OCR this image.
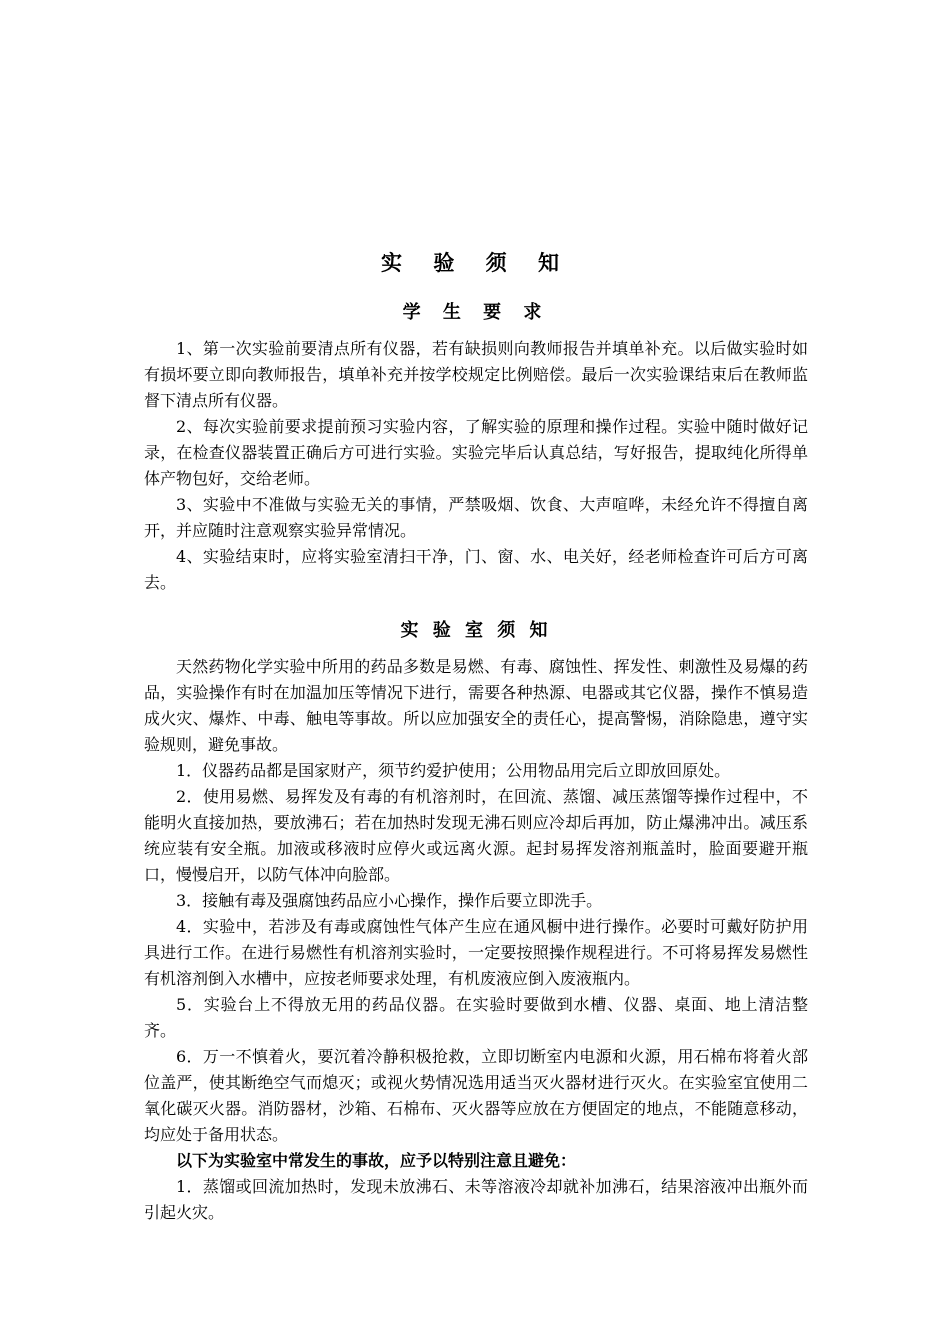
实 验 须 知
学 生 要 求

1、第一次实验前要清点所有仪器，若有缺损则向教师报告并填单补充。以后做实验时如有损坏要立即向教师报告，填单补充并按学校规定比例赔偿。最后一次实验课结束后在教师监督下清点所有仪器。

2、每次实验前要求提前预习实验内容，了解实验的原理和操作过程。实验中随时做好记录，在检查仪器装置正确后方可进行实验。实验完毕后认真总结，写好报告，提取纯化所得单体产物包好，交给老师。

3、实验中不准做与实验无关的事情，严禁吸烟、饮食、大声喧哗，未经允许不得擅自离开，并应随时注意观察实验异常情况。

4、实验结束时，应将实验室清扫干净，门、窗、水、电关好，经老师检查许可后方可离去。

实 验 室 须 知

天然药物化学实验中所用的药品多数是易燃、有毒、腐蚀性、挥发性、刺激性及易爆的药品，实验操作有时在加温加压等情况下进行，需要各种热源、电器或其它仪器，操作不慎易造成火灾、爆炸、中毒、触电等事故。所以应加强安全的责任心，提高警惕，消除隐患，遵守实验规则，避免事故。

1．仪器药品都是国家财产，须节约爱护使用；公用物品用完后立即放回原处。

2．使用易燃、易挥发及有毒的有机溶剂时，在回流、蒸馏、减压蒸馏等操作过程中，不能明火直接加热，要放沸石；若在加热时发现无沸石则应冷却后再加，防止爆沸冲出。减压系统应装有安全瓶。加液或移液时应停火或远离火源。起封易挥发溶剂瓶盖时，脸面要避开瓶口，慢慢启开，以防气体冲向脸部。

3．接触有毒及强腐蚀药品应小心操作，操作后要立即洗手。

4．实验中，若涉及有毒或腐蚀性气体产生应在通风橱中进行操作。必要时可戴好防护用具进行工作。在进行易燃性有机溶剂实验时，一定要按照操作规程进行。不可将易挥发易燃性有机溶剂倒入水槽中，应按老师要求处理，有机废液应倒入废液瓶内。

5．实验台上不得放无用的药品仪器。在实验时要做到水槽、仪器、桌面、地上清洁整齐。

6．万一不慎着火，要沉着冷静积极抢救，立即切断室内电源和火源，用石棉布将着火部位盖严，使其断绝空气而熄灭；或视火势情况选用适当灭火器材进行灭火。在实验室宜使用二氧化碳灭火器。消防器材，沙箱、石棉布、灭火器等应放在方便固定的地点，不能随意移动，均应处于备用状态。

以下为实验室中常发生的事故，应予以特别注意且避免：

1．蒸馏或回流加热时，发现未放沸石、未等溶液冷却就补加沸石，结果溶液冲出瓶外而引起火灾。
